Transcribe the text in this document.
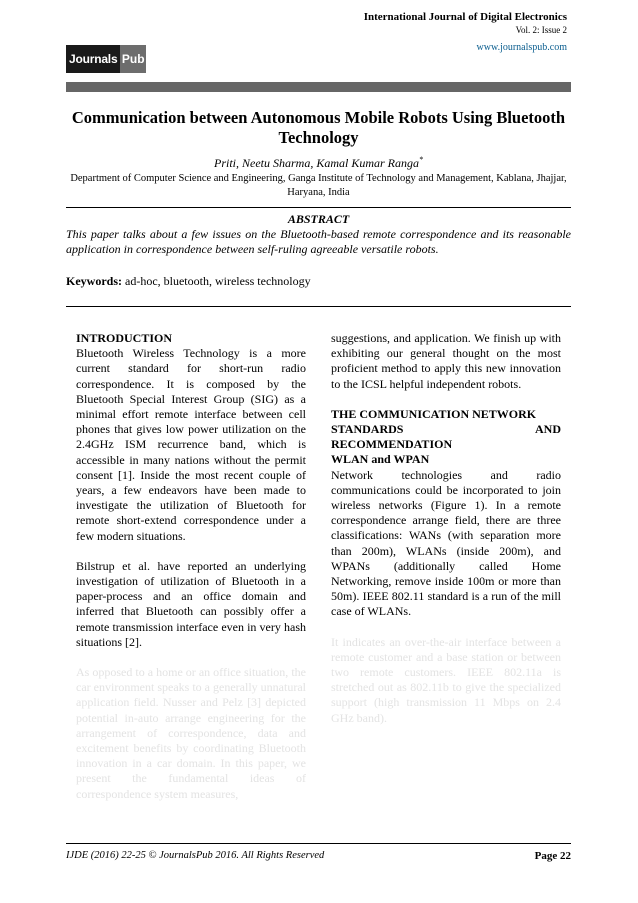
International Journal of Digital Electronics
Vol. 2: Issue 2
www.journalspub.com
Journals Pub
Communication between Autonomous Mobile Robots Using Bluetooth Technology
Priti, Neetu Sharma, Kamal Kumar Ranga*
Department of Computer Science and Engineering, Ganga Institute of Technology and Management, Kablana, Jhajjar, Haryana, India
ABSTRACT
This paper talks about a few issues on the Bluetooth-based remote correspondence and its reasonable application in correspondence between self-ruling agreeable versatile robots.
Keywords: ad-hoc, bluetooth, wireless technology
INTRODUCTION

Bluetooth Wireless Technology is a more current standard for short-run radio correspondence. It is composed by the Bluetooth Special Interest Group (SIG) as a minimal effort remote interface between cell phones that gives low power utilization on the 2.4GHz ISM recurrence band, which is accessible in many nations without the permit consent [1]. Inside the most recent couple of years, a few endeavors have been made to investigate the utilization of Bluetooth for remote short-extend correspondence under a few modern situations.

Bilstrup et al. have reported an underlying investigation of utilization of Bluetooth in a paper-process and an office domain and inferred that Bluetooth can possibly offer a remote transmission interface even in very hash situations [2].

As opposed to a home or an office situation, the car environment speaks to a generally unnatural application field. Nusser and Pelz [3] depicted potential in-auto arrange engineering for the arrangement of correspondence, data and excitement benefits by coordinating Bluetooth innovation in a car domain. In this paper, we present the fundamental ideas of correspondence system measures,

suggestions, and application. We finish up with exhibiting our general thought on the most proficient method to apply this new innovation to the ICSL helpful independent robots.

THE COMMUNICATION NETWORK
STANDARDS	AND
RECOMMENDATION
WLAN and WPAN

Network technologies and radio communications could be incorporated to join wireless networks (Figure 1). In a remote correspondence arrange field, there are three classifications: WANs (with separation more than 200m), WLANs (inside 200m), and WPANs (additionally called Home Networking, remove inside 100m or more than 50m). IEEE 802.11 standard is a run of the mill case of WLANs.

It indicates an over-the-air interface between a remote customer and a base station or between two remote customers. IEEE 802.11a is stretched out as 802.11b to give the specialized support (high transmission 11 Mbps on 2.4 GHz band).

IJDE (2016) 22-25 © JournalsPub 2016. All Rights Reserved	Page 22
